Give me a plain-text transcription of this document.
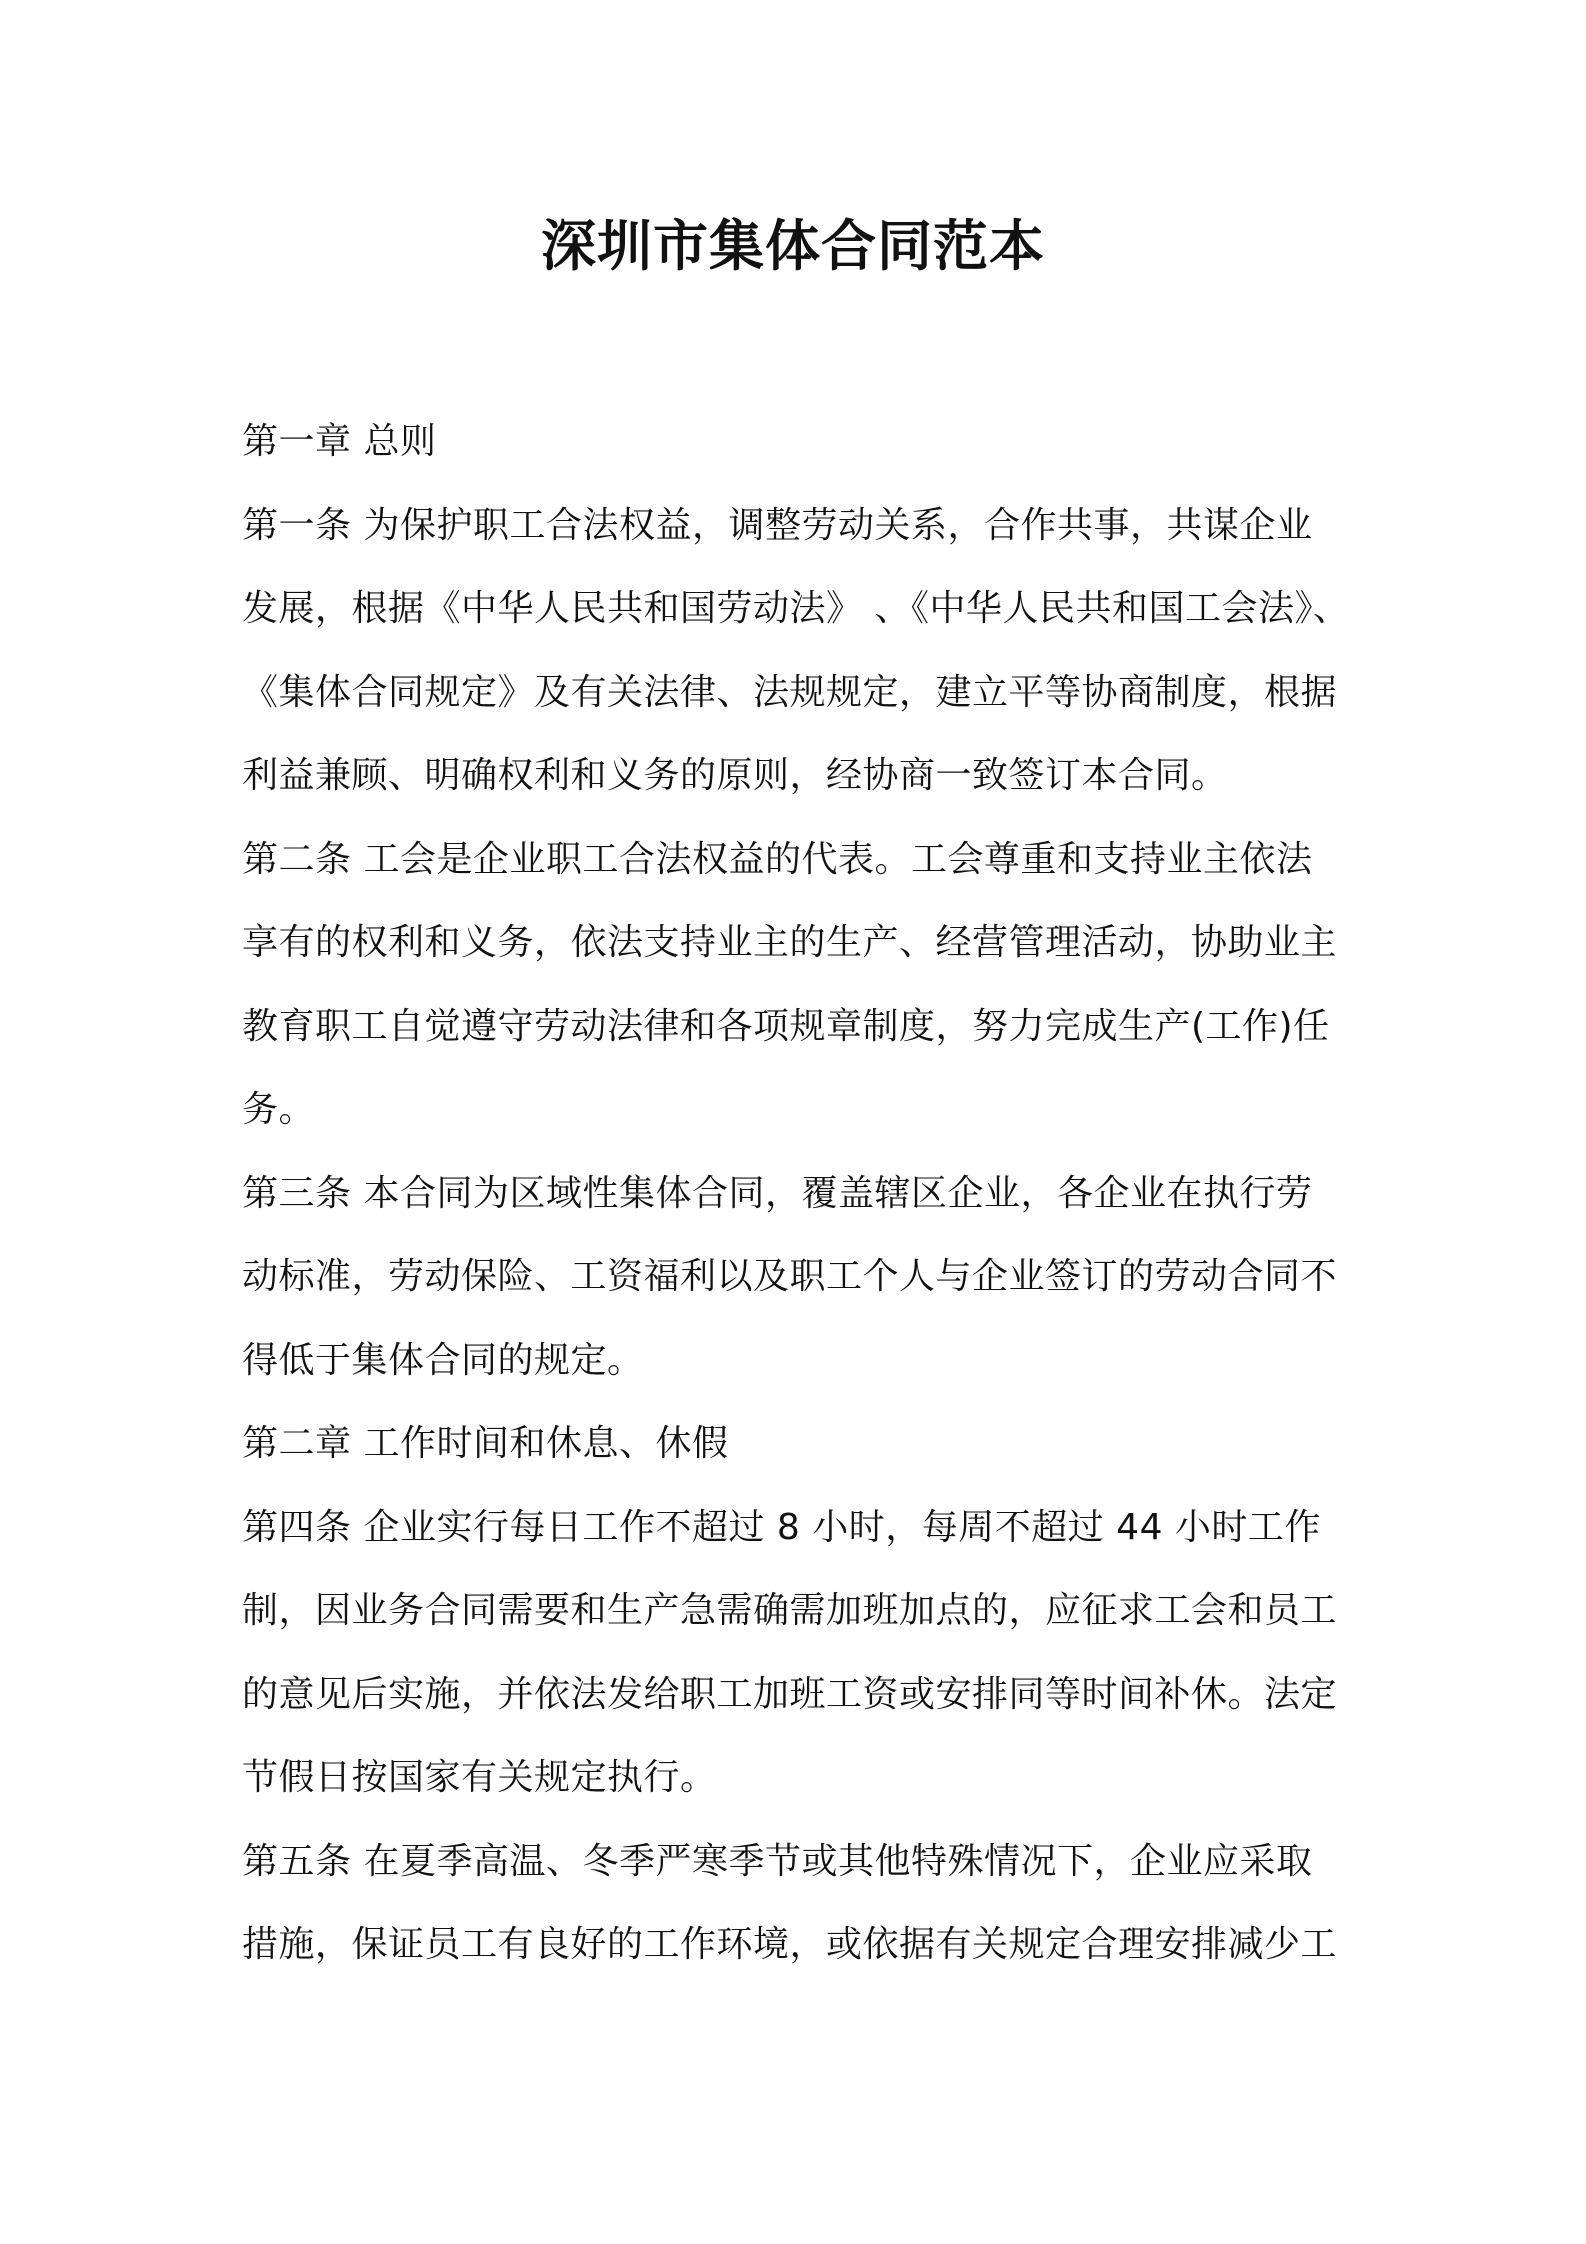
深圳市集体合同范本
第一章 总则
第一条 为保护职工合法权益，调整劳动关系，合作共事，共谋企业
发展，根据《中华人民共和国劳动法》 、《中华人民共和国工会法》、
《集体合同规定》及有关法律、法规规定，建立平等协商制度，根据
利益兼顾、明确权利和义务的原则，经协商一致签订本合同。
第二条 工会是企业职工合法权益的代表。工会尊重和支持业主依法
享有的权利和义务，依法支持业主的生产、经营管理活动，协助业主
教育职工自觉遵守劳动法律和各项规章制度，努力完成生产(工作)任
务。
第三条 本合同为区域性集体合同，覆盖辖区企业，各企业在执行劳
动标准，劳动保险、工资福利以及职工个人与企业签订的劳动合同不
得低于集体合同的规定。
第二章 工作时间和休息、休假
第四条 企业实行每日工作不超过 8 小时，每周不超过 44 小时工作
制，因业务合同需要和生产急需确需加班加点的，应征求工会和员工
的意见后实施，并依法发给职工加班工资或安排同等时间补休。法定
节假日按国家有关规定执行。
第五条 在夏季高温、冬季严寒季节或其他特殊情况下，企业应采取
措施，保证员工有良好的工作环境，或依据有关规定合理安排减少工
